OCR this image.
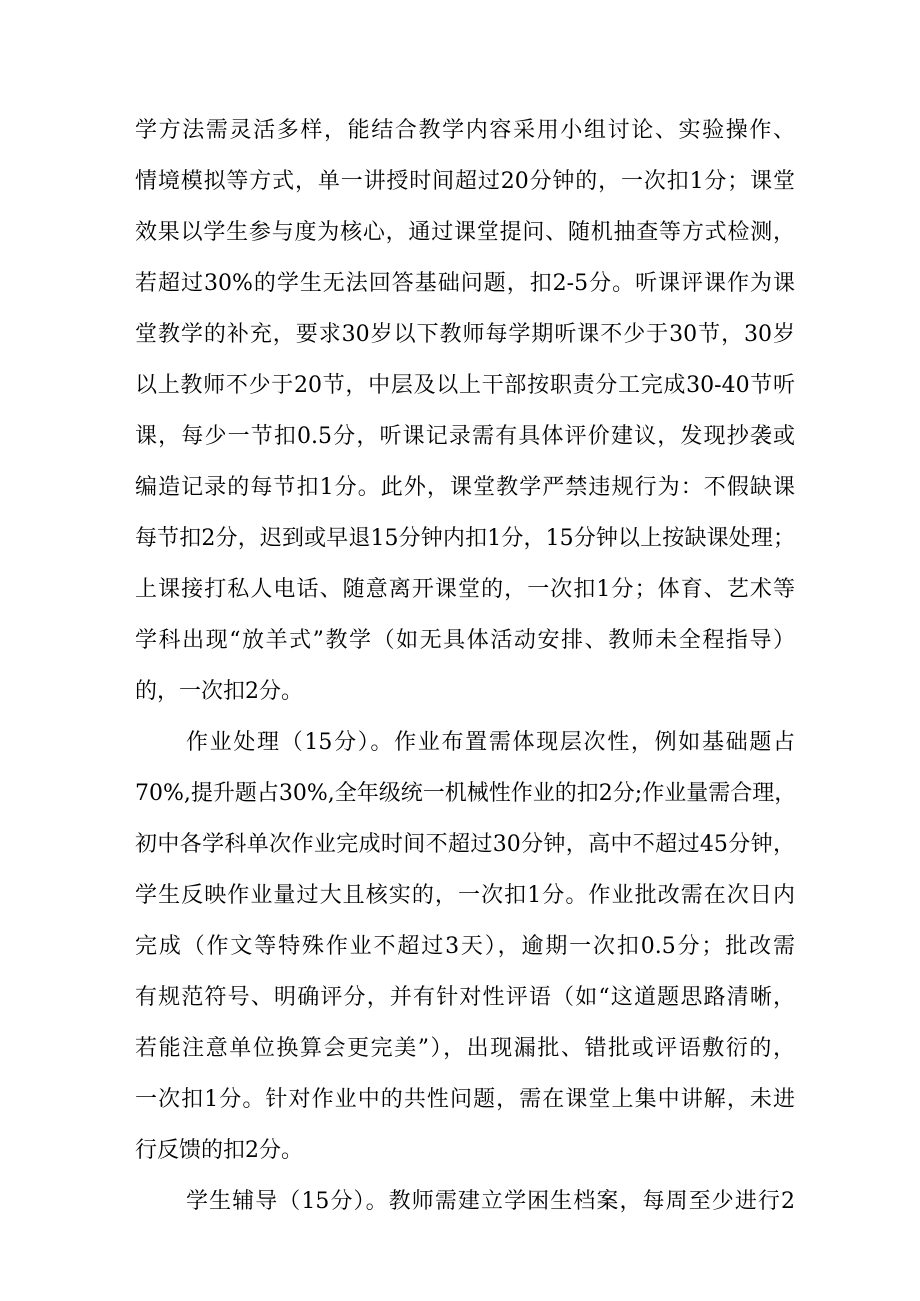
学方法需灵活多样，能结合教学内容采用小组讨论、实验操作、
情境模拟等方式，单一讲授时间超过20分钟的，一次扣1分；课堂
效果以学生参与度为核心，通过课堂提问、随机抽查等方式检测，
若超过30%的学生无法回答基础问题，扣2-5分。听课评课作为课
堂教学的补充，要求30岁以下教师每学期听课不少于30节，30岁
以上教师不少于20节，中层及以上干部按职责分工完成30-40节听
课，每少一节扣0.5分，听课记录需有具体评价建议，发现抄袭或
编造记录的每节扣1分。此外，课堂教学严禁违规行为：不假缺课
每节扣2分，迟到或早退15分钟内扣1分，15分钟以上按缺课处理；
上课接打私人电话、随意离开课堂的，一次扣1分；体育、艺术等
学科出现“放羊式”教学（如无具体活动安排、教师未全程指导）
的，一次扣2分。
作业处理（15分）。作业布置需体现层次性，例如基础题占
70%,提升题占30%,全年级统一机械性作业的扣2分;作业量需合理，
初中各学科单次作业完成时间不超过30分钟，高中不超过45分钟，
学生反映作业量过大且核实的，一次扣1分。作业批改需在次日内
完成（作文等特殊作业不超过3天），逾期一次扣0.5分；批改需
有规范符号、明确评分，并有针对性评语（如“这道题思路清晰，
若能注意单位换算会更完美”），出现漏批、错批或评语敷衍的，
一次扣1分。针对作业中的共性问题，需在课堂上集中讲解，未进
行反馈的扣2分。
学生辅导（15分）。教师需建立学困生档案，每周至少进行2
